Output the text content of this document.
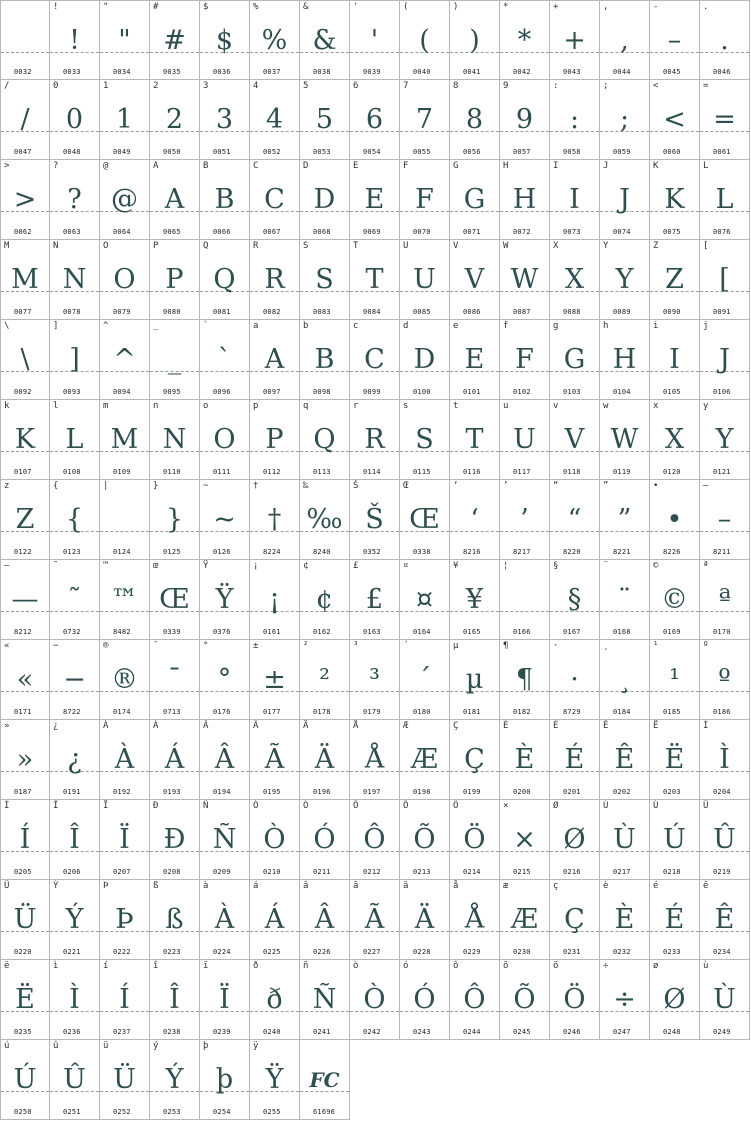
0032
!
!
0033
"
"
0034
#
#
0035
$
$
0036
%
%
0037
&
&
0038
'
'
0039
(
(
0040
)
)
0041
*
*
0042
+
+
0043
,
,
0044
-
–
0045
.
.
0046
/
/
0047
0
0
0048
1
1
0049
2
2
0050
3
3
0051
4
4
0052
5
5
0053
6
6
0054
7
7
0055
8
8
0056
9
9
0057
:
:
0058
;
;
0059
<
<
0060
=
=
0061
>
>
0062
?
?
0063
@
@
0064
A
A
0065
B
B
0066
C
C
0067
D
D
0068
E
E
0069
F
F
0070
G
G
0071
H
H
0072
I
I
0073
J
J
0074
K
K
0075
L
L
0076
M
M
0077
N
N
0078
O
O
0079
P
P
0080
Q
Q
0081
R
R
0082
S
S
0083
T
T
0084
U
U
0085
V
V
0086
W
W
0087
X
X
0088
Y
Y
0089
Z
Z
0090
[
[
0091
\
\
0092
]
]
0093
^
^
0094
_
_
0095
`
`
0096
a
A
0097
b
B
0098
c
C
0099
d
D
0100
e
E
0101
f
F
0102
g
G
0103
h
H
0104
i
I
0105
j
J
0106
k
K
0107
l
L
0108
m
M
0109
n
N
0110
o
O
0111
p
P
0112
q
Q
0113
r
R
0114
s
S
0115
t
T
0116
u
U
0117
v
V
0118
w
W
0119
x
X
0120
y
Y
0121
z
Z
0122
{
{
0123
|
0124
}
}
0125
~
~
0126
†
†
8224
‰
‰
8240
Š
Š
0352
Œ
Œ
0338
‘
‘
8216
’
’
8217
“
“
8220
”
”
8221
•
•
8226
–
–
8211
—
—
8212
˜
˜
0732
™
™
8482
œ
Œ
0339
Ÿ
Ÿ
0376
¡
¡
0161
¢
¢
0162
£
£
0163
¤
¤
0164
¥
¥
0165
¦
0166
§
§
0167
¨
¨
0168
©
©
0169
ª
ª
0170
«
«
0171
−
−
8722
®
®
0174
¯
¯
0713
°
°
0176
±
±
0177
²
²
0178
³
³
0179
´
´
0180
µ
µ
0181
¶
¶
0182
·
·
8729
¸
¸
0184
¹
¹
0185
º
º
0186
»
»
0187
¿
¿
0191
À
À
0192
Á
Á
0193
Â
Â
0194
Ã
Ã
0195
Ä
Ä
0196
Å
Å
0197
Æ
Æ
0198
Ç
Ç
0199
È
È
0200
É
É
0201
Ê
Ê
0202
Ë
Ë
0203
Ì
Ì
0204
Í
Í
0205
Î
Î
0206
Ï
Ï
0207
Ð
Ð
0208
Ñ
Ñ
0209
Ò
Ò
0210
Ó
Ó
0211
Ô
Ô
0212
Õ
Õ
0213
Ö
Ö
0214
×
×
0215
Ø
Ø
0216
Ù
Ù
0217
Ú
Ú
0218
Û
Û
0219
Ü
Ü
0220
Ý
Ý
0221
Þ
Þ
0222
ß
ß
0223
à
À
0224
á
Á
0225
â
Â
0226
ã
Ã
0227
ä
Ä
0228
å
Å
0229
æ
Æ
0230
ç
Ç
0231
è
È
0232
é
É
0233
ê
Ê
0234
ë
Ë
0235
ì
Ì
0236
í
Í
0237
î
Î
0238
ï
Ï
0239
ð
ð
0240
ñ
Ñ
0241
ò
Ò
0242
ó
Ó
0243
ô
Ô
0244
õ
Õ
0245
ö
Ö
0246
÷
÷
0247
ø
Ø
0248
ù
Ù
0249
ú
Ú
0250
û
Û
0251
ü
Ü
0252
ý
Ý
0253
þ
þ
0254
ÿ
Ÿ
0255
FC
61696
